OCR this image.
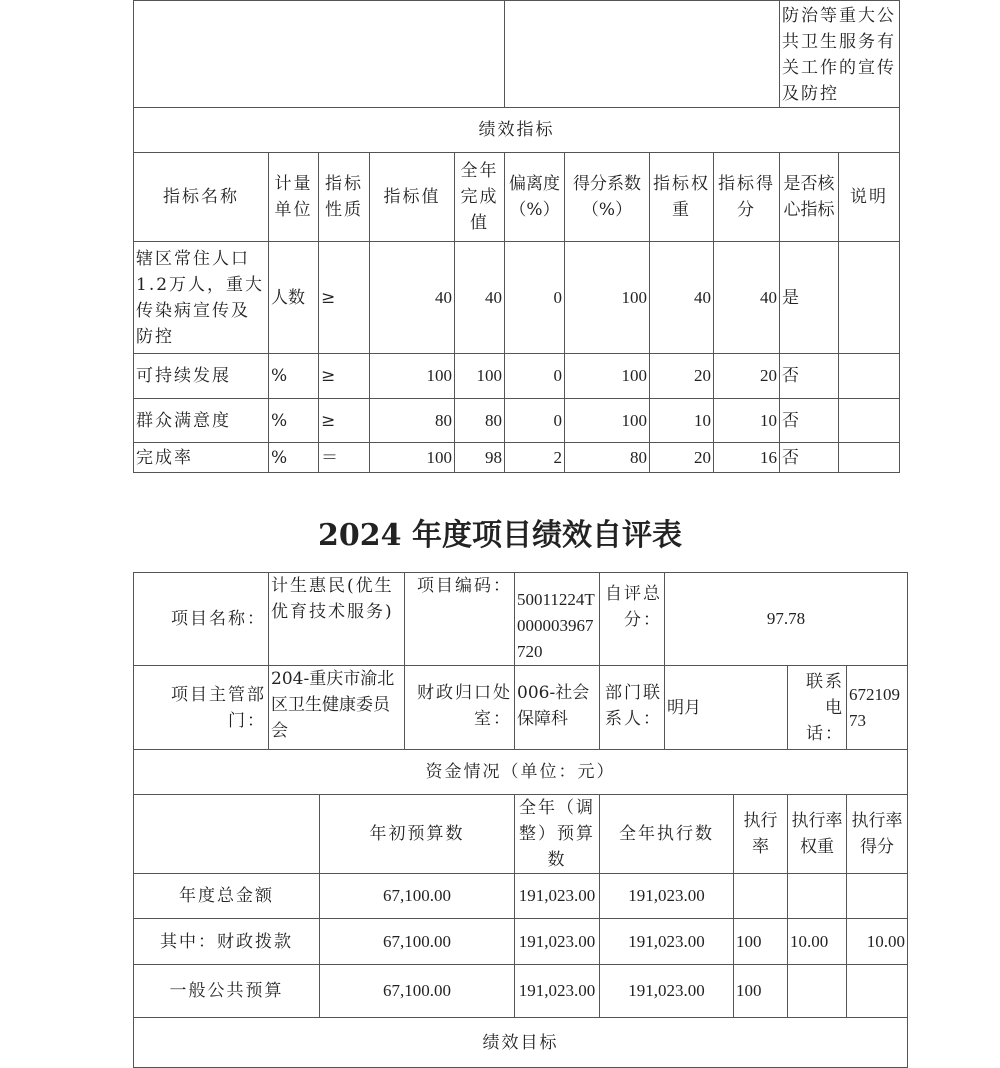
									防治等重大公共卫生服务有关工作的宣传及防控	
绩效指标										
指标名称	计量单位	指标性质	指标值	全年完成值	偏离度（%）	得分系数（%）	指标权重	指标得分	是否核心指标	说明
辖区常住人口1.2万人，重大传染病宣传及防控	人数	≥	40	40	0	100	40	40	是	
可持续发展	%	≥	100	100	0	100	20	20	否	
群众满意度	%	≥	80	80	0	100	10	10	否	
完成率	%	＝	100	98	2	80	20	16	否	
2024 年度项目绩效自评表
项目名称：	计生惠民(优生优育技术服务)		项目编码：	50011224T000003967720	自评总分：	97.78			
项目主管部门：	204-重庆市渝北区卫生健康委员会		财政归口处室：	006-社会保障科	部门联系人：	明月		联系电话：	67210973
资金情况（单位：元）									
		年初预算数		全年（调整）预算数	全年执行数		执行率	执行率权重	执行率得分
年度总金额		67,100.00		191,023.00	191,023.00				
其中：财政拨款		67,100.00		191,023.00	191,023.00		100	10.00	10.00
一般公共预算		67,100.00		191,023.00	191,023.00		100		
绩效目标									
